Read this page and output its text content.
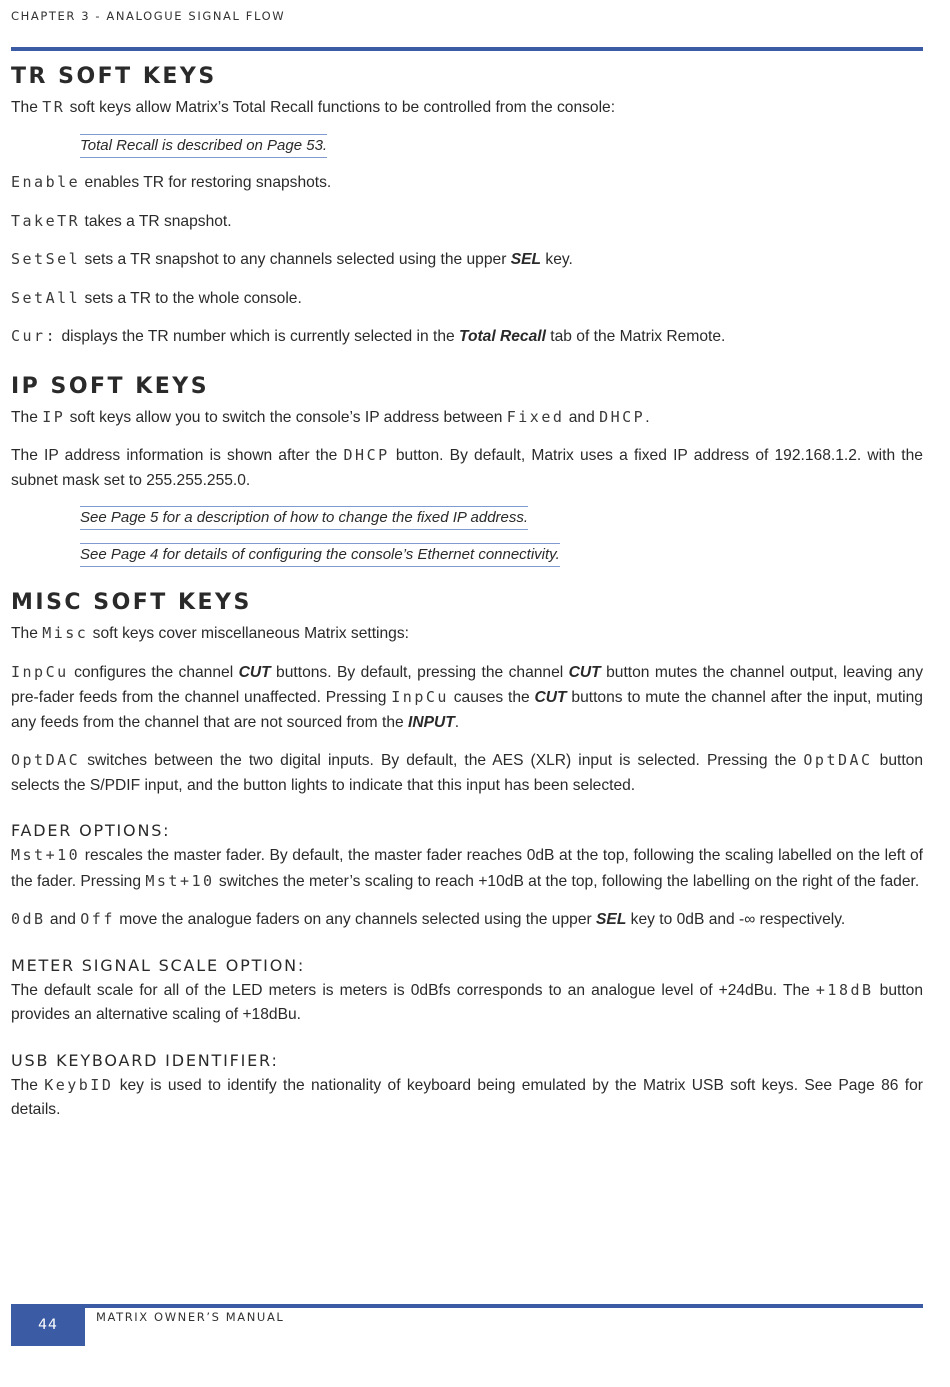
CHAPTER 3 - ANALOGUE SIGNAL FLOW
TR SOFT KEYS

The TR soft keys allow Matrix’s Total Recall functions to be controlled from the console:

Total Recall is described on Page 53.

Enable enables TR for restoring snapshots.

TakeTR takes a TR snapshot.

SetSel sets a TR snapshot to any channels selected using the upper SEL key.

SetAll sets a TR to the whole console.

Cur: displays the TR number which is currently selected in the Total Recall tab of the Matrix Remote.

IP SOFT KEYS

The IP soft keys allow you to switch the console’s IP address between Fixed and DHCP.

The IP address information is shown after the DHCP button. By default, Matrix uses a fixed IP address of 192.168.1.2. with the subnet mask set to 255.255.255.0.

See Page 5 for a description of how to change the fixed IP address.
See Page 4 for details of configuring the console’s Ethernet connectivity.
MISC SOFT KEYS

The Misc soft keys cover miscellaneous Matrix settings:

InpCu configures the channel CUT buttons. By default, pressing the channel CUT button mutes the channel output, leaving any pre-fader feeds from the channel unaffected. Pressing InpCu causes the CUT buttons to mute the channel after the input, muting any feeds from the channel that are not sourced from the INPUT.

OptDAC switches between the two digital inputs. By default, the AES (XLR) input is selected. Pressing the OptDAC button selects the S/PDIF input, and the button lights to indicate that this input has been selected.

FADER OPTIONS:

Mst+10 rescales the master fader. By default, the master fader reaches 0dB at the top, following the scaling labelled on the left of the fader. Pressing Mst+10 switches the meter’s scaling to reach +10dB at the top, following the labelling on the right of the fader.

0dB and Off move the analogue faders on any channels selected using the upper SEL key to 0dB and -∞ respectively.

METER SIGNAL SCALE OPTION:

The default scale for all of the LED meters is meters is 0dBfs corresponds to an analogue level of +24dBu. The +18dB button provides an alternative scaling of +18dBu.

USB KEYBOARD IDENTIFIER:

The KeybID key is used to identify the nationality of keyboard being emulated by the Matrix USB soft keys. See Page 86 for details.

44	MATRIX OWNER’S MANUAL
